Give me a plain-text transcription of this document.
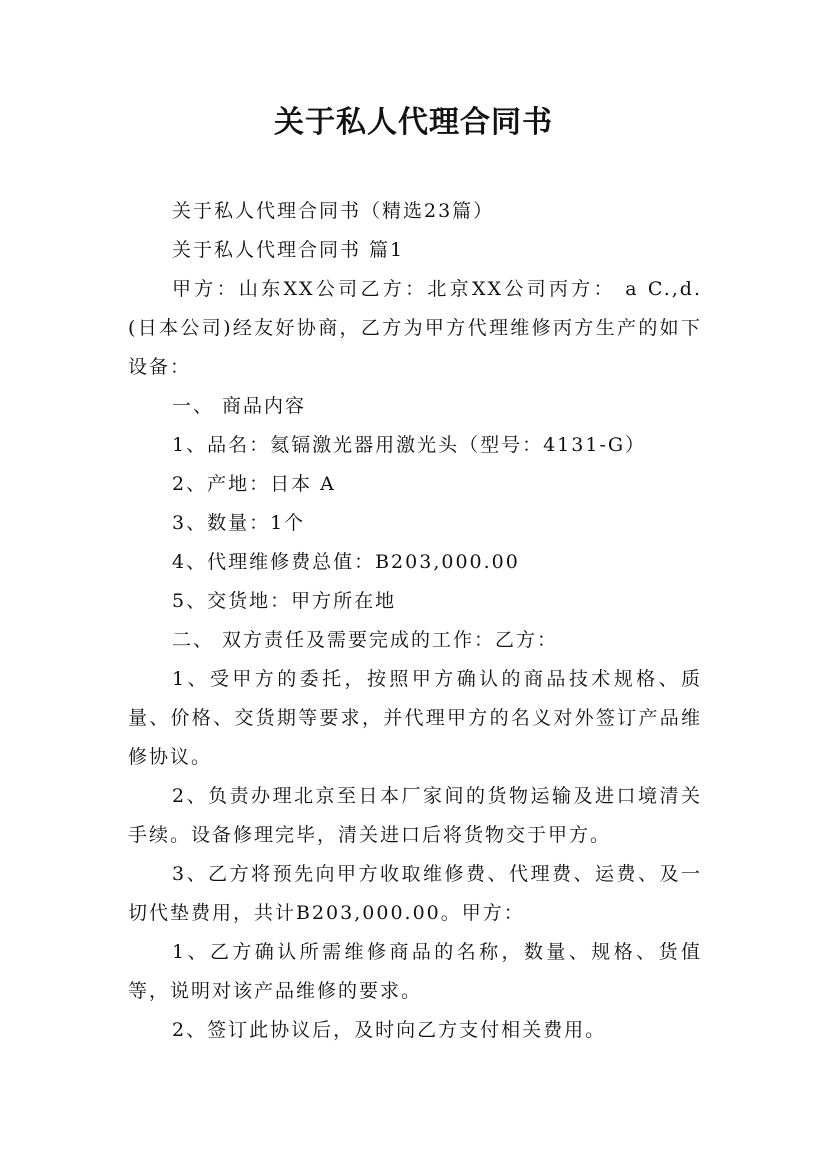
关于私人代理合同书

关于私人代理合同书（精选23篇）

关于私人代理合同书 篇1

甲方：山东XX公司乙方：北京XX公司丙方： a C.,d. (日本公司)经友好协商，乙方为甲方代理维修丙方生产的如下设备：

一、 商品内容

1、品名：氦镉激光器用激光头（型号：4131-G）

2、产地：日本 A

3、数量：1个

4、代理维修费总值：B203,000.00

5、交货地：甲方所在地

二、 双方责任及需要完成的工作：乙方：

1、受甲方的委托，按照甲方确认的商品技术规格、质量、价格、交货期等要求，并代理甲方的名义对外签订产品维修协议。

2、负责办理北京至日本厂家间的货物运输及进口境清关手续。设备修理完毕，清关进口后将货物交于甲方。

3、乙方将预先向甲方收取维修费、代理费、运费、及一切代垫费用，共计B203,000.00。甲方：

1、乙方确认所需维修商品的名称，数量、规格、货值等，说明对该产品维修的要求。

2、签订此协议后，及时向乙方支付相关费用。
